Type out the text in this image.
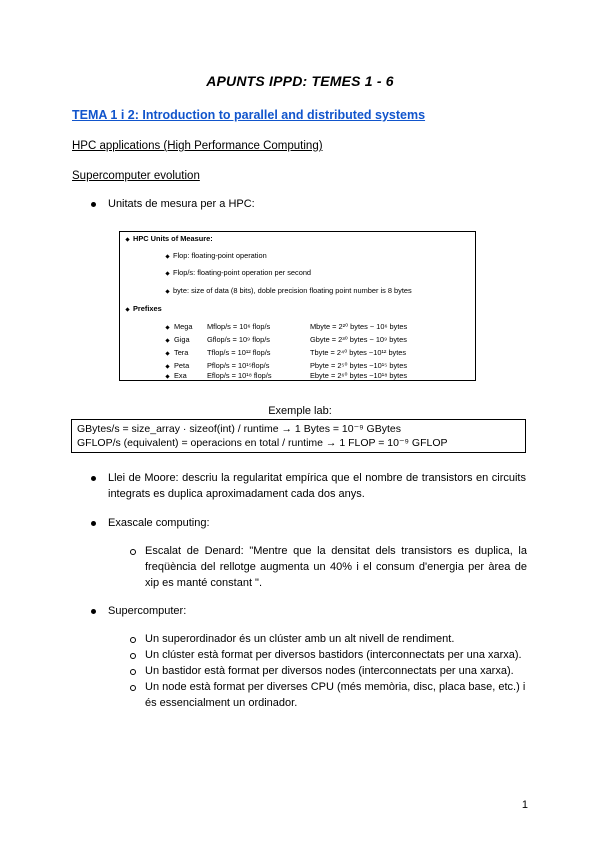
APUNTS IPPD: TEMES 1 - 6
TEMA 1 i 2: Introduction to parallel and distributed systems
HPC applications (High Performance Computing)
Supercomputer evolution
Unitats de mesura per a HPC:
HPC Units of Measure:
Flop: floating-point operation
Flop/s: floating-point operation per second
byte: size of data (8 bits), doble precision floating point number is 8 bytes
Prefixes
Mega Mflop/s = 10⁶ flop/s	Mbyte = 2²⁰ bytes ~ 10⁶ bytes
Giga Gflop/s = 10⁹ flop/s	Gbyte = 2³⁰ bytes ~ 10⁹ bytes
Tera	Tflop/s = 10¹² flop/s	Tbyte = 2⁴⁰ bytes ~10¹² bytes
Peta Pflop/s = 10¹⁵flop/s	Pbyte = 2⁵⁰ bytes ~10¹⁵ bytes
Exa	Eflop/s = 10¹⁸ flop/s	Ebyte = 2⁶⁰ bytes ~10¹⁸ bytes
Exemple lab:
GBytes/s = size_array · sizeof(int) / runtime → 1 Bytes = 10⁻⁹ GBytes
GFLOP/s (equivalent) = operacions en total / runtime → 1 FLOP = 10⁻⁹ GFLOP
Llei de Moore: descriu la regularitat empírica que el nombre de transistors en circuits integrats es duplica aproximadament cada dos anys.
Exascale computing:
Escalat de Denard: "Mentre que la densitat dels transistors es duplica, la freqüència del rellotge augmenta un 40% i el consum d'energia per àrea de xip es manté constant ".
Supercomputer:
Un superordinador és un clúster amb un alt nivell de rendiment.
Un clúster està format per diversos bastidors (interconnectats per una xarxa).
Un bastidor està format per diversos nodes (interconnectats per una xarxa).
Un node està format per diverses CPU (més memòria, disc, placa base, etc.) i és essencialment un ordinador.
1
